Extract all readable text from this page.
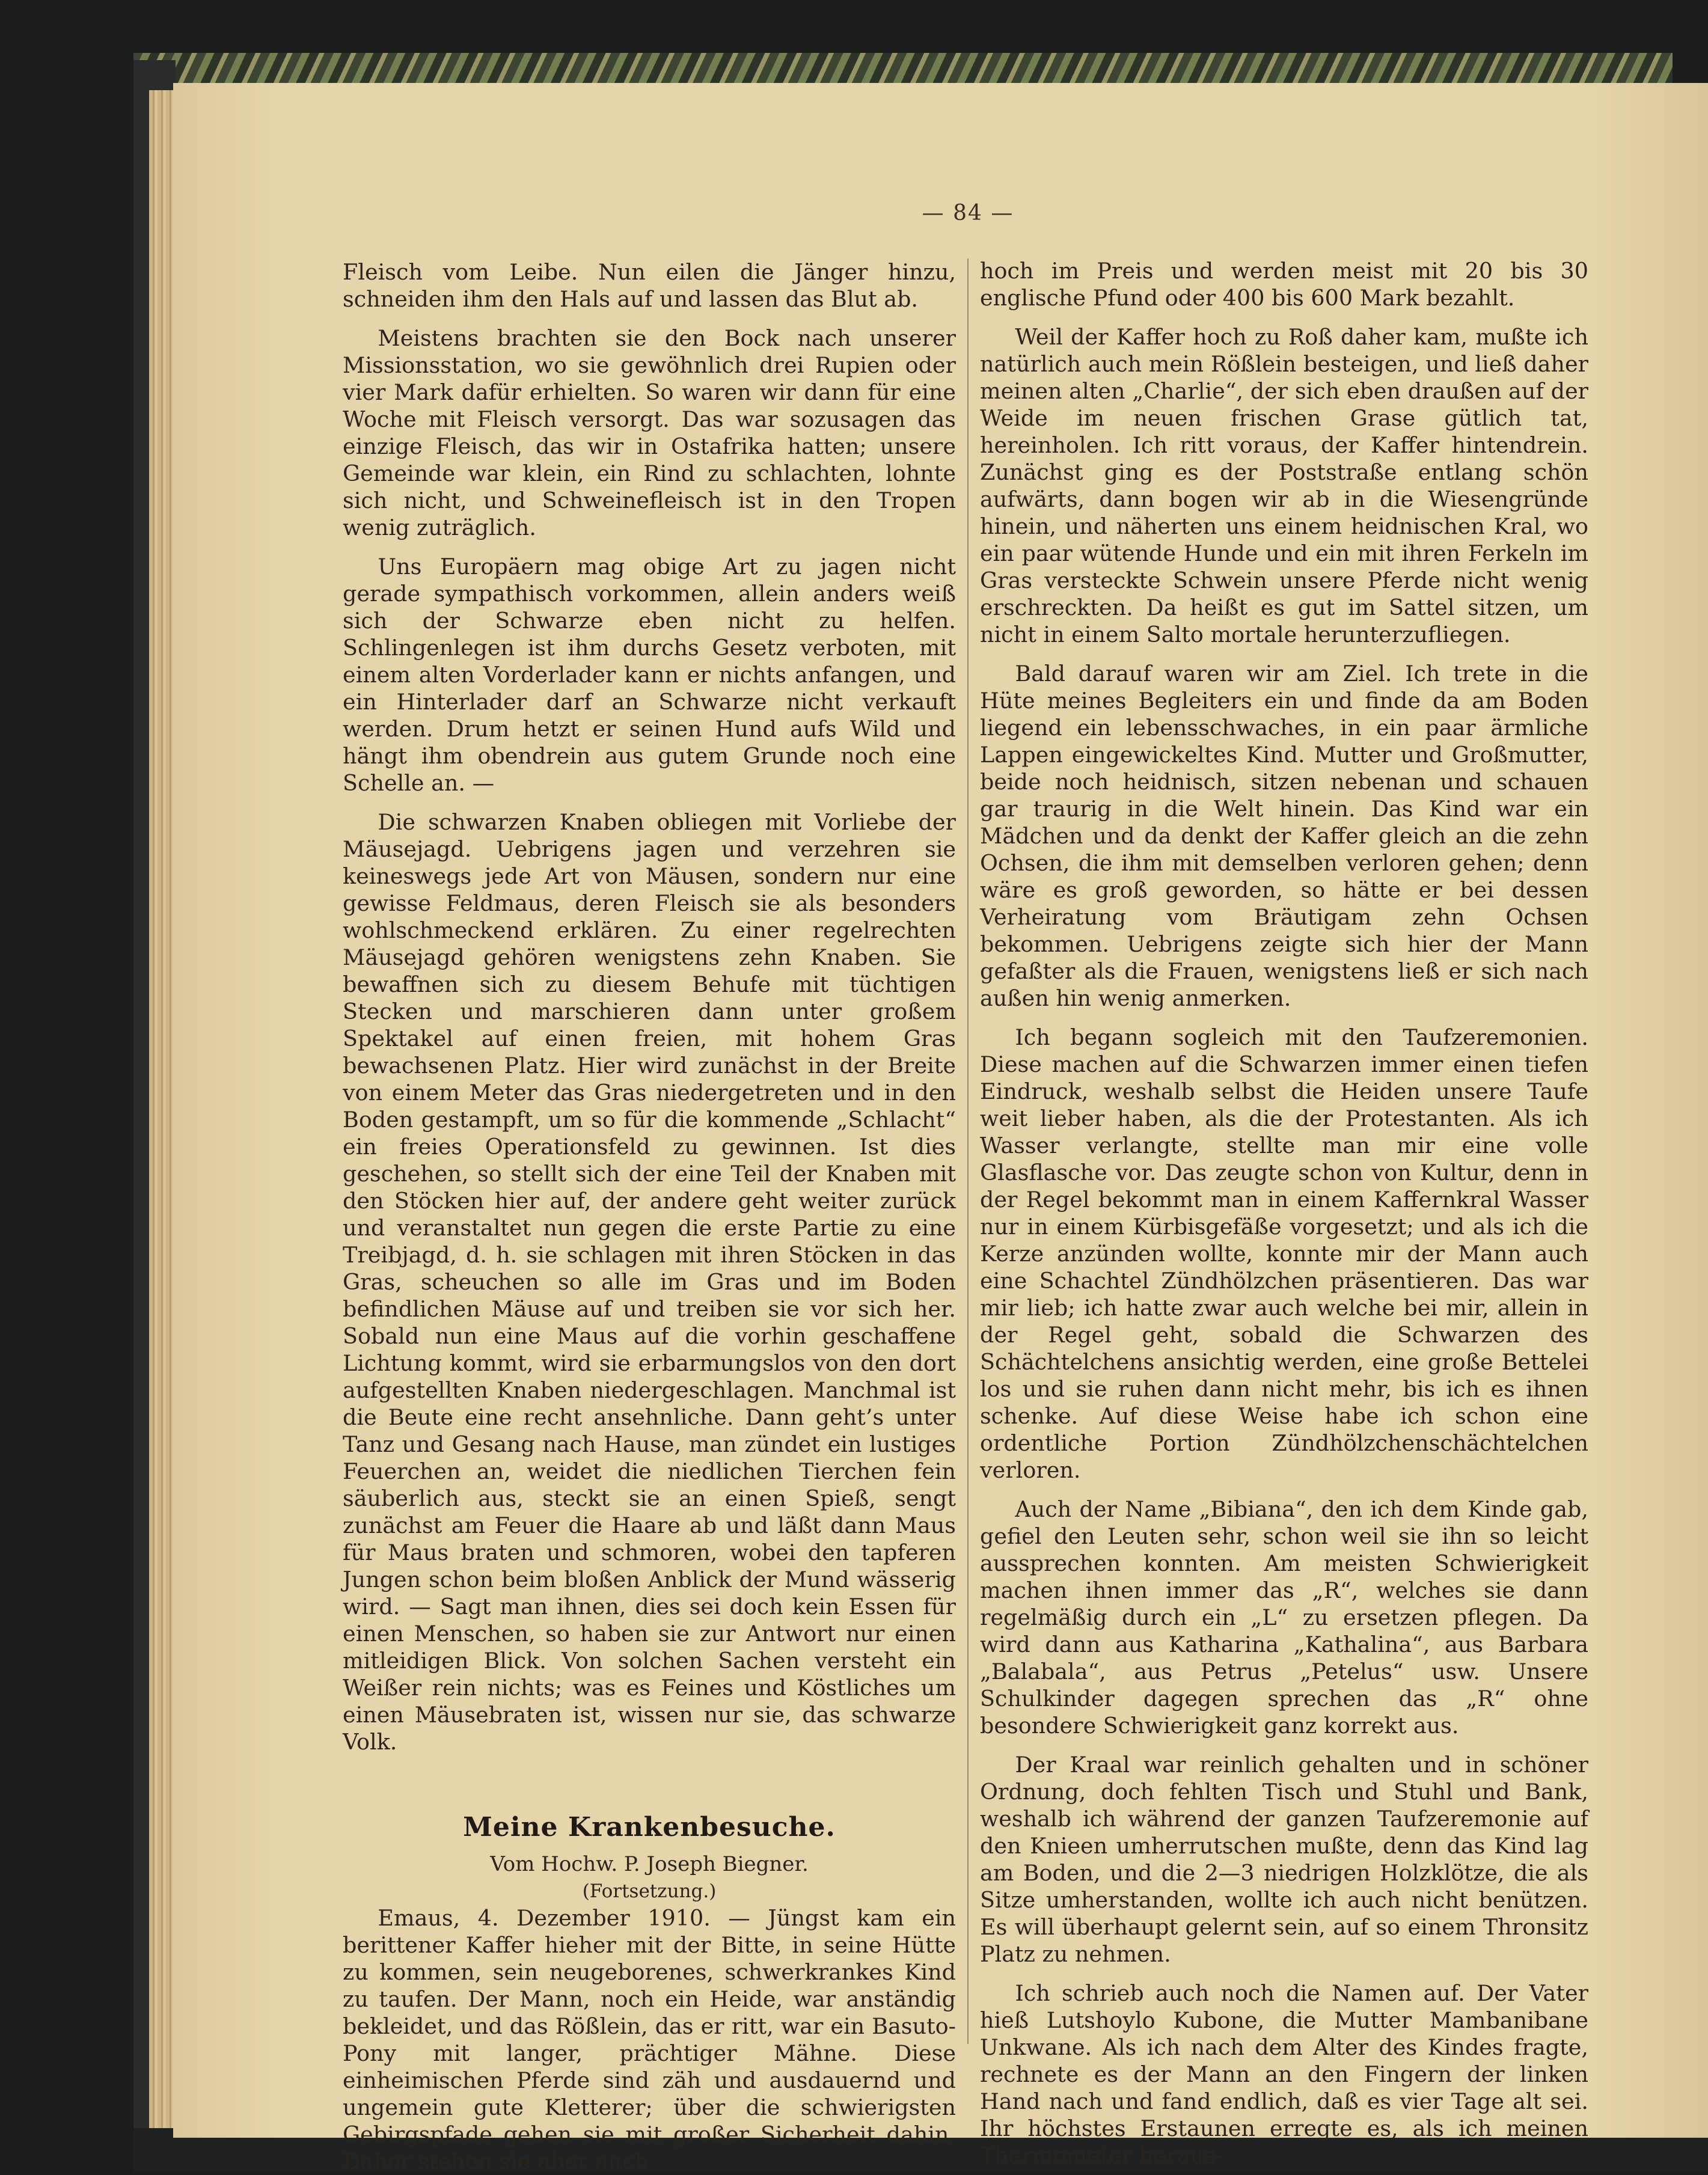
— 84 —

Fleisch vom Leibe. Nun eilen die Jänger hinzu, schneiden ihm den Hals auf und lassen das Blut ab.

Meistens brachten sie den Bock nach unserer Missionsstation, wo sie gewöhnlich drei Rupien oder vier Mark dafür erhielten. So waren wir dann für eine Woche mit Fleisch versorgt. Das war sozusagen das einzige Fleisch, das wir in Ostafrika hatten; unsere Gemeinde war klein, ein Rind zu schlachten, lohnte sich nicht, und Schweinefleisch ist in den Tropen wenig zuträglich.

Uns Europäern mag obige Art zu jagen nicht gerade sympathisch vorkommen, allein anders weiß sich der Schwarze eben nicht zu helfen. Schlingenlegen ist ihm durchs Gesetz verboten, mit einem alten Vorderlader kann er nichts anfangen, und ein Hinterlader darf an Schwarze nicht verkauft werden. Drum hetzt er seinen Hund aufs Wild und hängt ihm obendrein aus gutem Grunde noch eine Schelle an. —

Die schwarzen Knaben obliegen mit Vorliebe der Mäusejagd. Uebrigens jagen und verzehren sie keineswegs jede Art von Mäusen, sondern nur eine gewisse Feldmaus, deren Fleisch sie als besonders wohlschmeckend erklären. Zu einer regelrechten Mäusejagd gehören wenigstens zehn Knaben. Sie bewaffnen sich zu diesem Behufe mit tüchtigen Stecken und marschieren dann unter großem Spektakel auf einen freien, mit hohem Gras bewachsenen Platz. Hier wird zunächst in der Breite von einem Meter das Gras niedergetreten und in den Boden gestampft, um so für die kommende „Schlacht“ ein freies Operationsfeld zu gewinnen. Ist dies geschehen, so stellt sich der eine Teil der Knaben mit den Stöcken hier auf, der andere geht weiter zurück und veranstaltet nun gegen die erste Partie zu eine Treibjagd, d. h. sie schlagen mit ihren Stöcken in das Gras, scheuchen so alle im Gras und im Boden befindlichen Mäuse auf und treiben sie vor sich her. Sobald nun eine Maus auf die vorhin geschaffene Lichtung kommt, wird sie erbarmungslos von den dort aufgestellten Knaben niedergeschlagen. Manchmal ist die Beute eine recht ansehnliche. Dann geht’s unter Tanz und Gesang nach Hause, man zündet ein lustiges Feuerchen an, weidet die niedlichen Tierchen fein säuberlich aus, steckt sie an einen Spieß, sengt zunächst am Feuer die Haare ab und läßt dann Maus für Maus braten und schmoren, wobei den tapferen Jungen schon beim bloßen Anblick der Mund wässerig wird. — Sagt man ihnen, dies sei doch kein Essen für einen Menschen, so haben sie zur Antwort nur einen mitleidigen Blick. Von solchen Sachen versteht ein Weißer rein nichts; was es Feines und Köstliches um einen Mäusebraten ist, wissen nur sie, das schwarze Volk.

Meine Krankenbesuche.

Vom Hochw. P. Joseph Biegner.

(Fortsetzung.)

Emaus, 4. Dezember 1910. — Jüngst kam ein berittener Kaffer hieher mit der Bitte, in seine Hütte zu kommen, sein neugeborenes, schwerkrankes Kind zu taufen. Der Mann, noch ein Heide, war anständig bekleidet, und das Rößlein, das er ritt, war ein Basuto-Pony mit langer, prächtiger Mähne. Diese einheimischen Pferde sind zäh und ausdauernd und ungemein gute Kletterer; über die schwierigsten Gebirgspfade gehen sie mit großer Sicherheit dahin. Daher stehen sie aber auch

hoch im Preis und werden meist mit 20 bis 30 englische Pfund oder 400 bis 600 Mark bezahlt.

Weil der Kaffer hoch zu Roß daher kam, mußte ich natürlich auch mein Rößlein besteigen, und ließ daher meinen alten „Charlie“, der sich eben draußen auf der Weide im neuen frischen Grase gütlich tat, hereinholen. Ich ritt voraus, der Kaffer hintendrein. Zunächst ging es der Poststraße entlang schön aufwärts, dann bogen wir ab in die Wiesengründe hinein, und näherten uns einem heidnischen Kral, wo ein paar wütende Hunde und ein mit ihren Ferkeln im Gras versteckte Schwein unsere Pferde nicht wenig erschreckten. Da heißt es gut im Sattel sitzen, um nicht in einem Salto mortale herunterzufliegen.

Bald darauf waren wir am Ziel. Ich trete in die Hüte meines Begleiters ein und finde da am Boden liegend ein lebensschwaches, in ein paar ärmliche Lappen eingewickeltes Kind. Mutter und Großmutter, beide noch heidnisch, sitzen nebenan und schauen gar traurig in die Welt hinein. Das Kind war ein Mädchen und da denkt der Kaffer gleich an die zehn Ochsen, die ihm mit demselben verloren gehen; denn wäre es groß geworden, so hätte er bei dessen Verheiratung vom Bräutigam zehn Ochsen bekommen. Uebrigens zeigte sich hier der Mann gefaßter als die Frauen, wenigstens ließ er sich nach außen hin wenig anmerken.

Ich begann sogleich mit den Taufzeremonien. Diese machen auf die Schwarzen immer einen tiefen Eindruck, weshalb selbst die Heiden unsere Taufe weit lieber haben, als die der Protestanten. Als ich Wasser verlangte, stellte man mir eine volle Glasflasche vor. Das zeugte schon von Kultur, denn in der Regel bekommt man in einem Kaffernkral Wasser nur in einem Kürbisgefäße vorgesetzt; und als ich die Kerze anzünden wollte, konnte mir der Mann auch eine Schachtel Zündhölzchen präsentieren. Das war mir lieb; ich hatte zwar auch welche bei mir, allein in der Regel geht, sobald die Schwarzen des Schächtelchens ansichtig werden, eine große Bettelei los und sie ruhen dann nicht mehr, bis ich es ihnen schenke. Auf diese Weise habe ich schon eine ordentliche Portion Zündhölzchenschächtelchen verloren.

Auch der Name „Bibiana“, den ich dem Kinde gab, gefiel den Leuten sehr, schon weil sie ihn so leicht aussprechen konnten. Am meisten Schwierigkeit machen ihnen immer das „R“, welches sie dann regelmäßig durch ein „L“ zu ersetzen pflegen. Da wird dann aus Katharina „Kathalina“, aus Barbara „Balabala“, aus Petrus „Petelus“ usw. Unsere Schulkinder dagegen sprechen das „R“ ohne besondere Schwierigkeit ganz korrekt aus.

Der Kraal war reinlich gehalten und in schöner Ordnung, doch fehlten Tisch und Stuhl und Bank, weshalb ich während der ganzen Taufzeremonie auf den Knieen umherrutschen mußte, denn das Kind lag am Boden, und die 2—3 niedrigen Holzklötze, die als Sitze umherstanden, wollte ich auch nicht benützen. Es will überhaupt gelernt sein, auf so einem Thronsitz Platz zu nehmen.

Ich schrieb auch noch die Namen auf. Der Vater hieß Lutshoylo Kubone, die Mutter Mambanibane Unkwane. Als ich nach dem Alter des Kindes fragte, rechnete es der Mann an den Fingern der linken Hand nach und fand endlich, daß es vier Tage alt sei. Ihr höchstes Erstaunen erregte es, als ich meinen Thermometer heraus-
